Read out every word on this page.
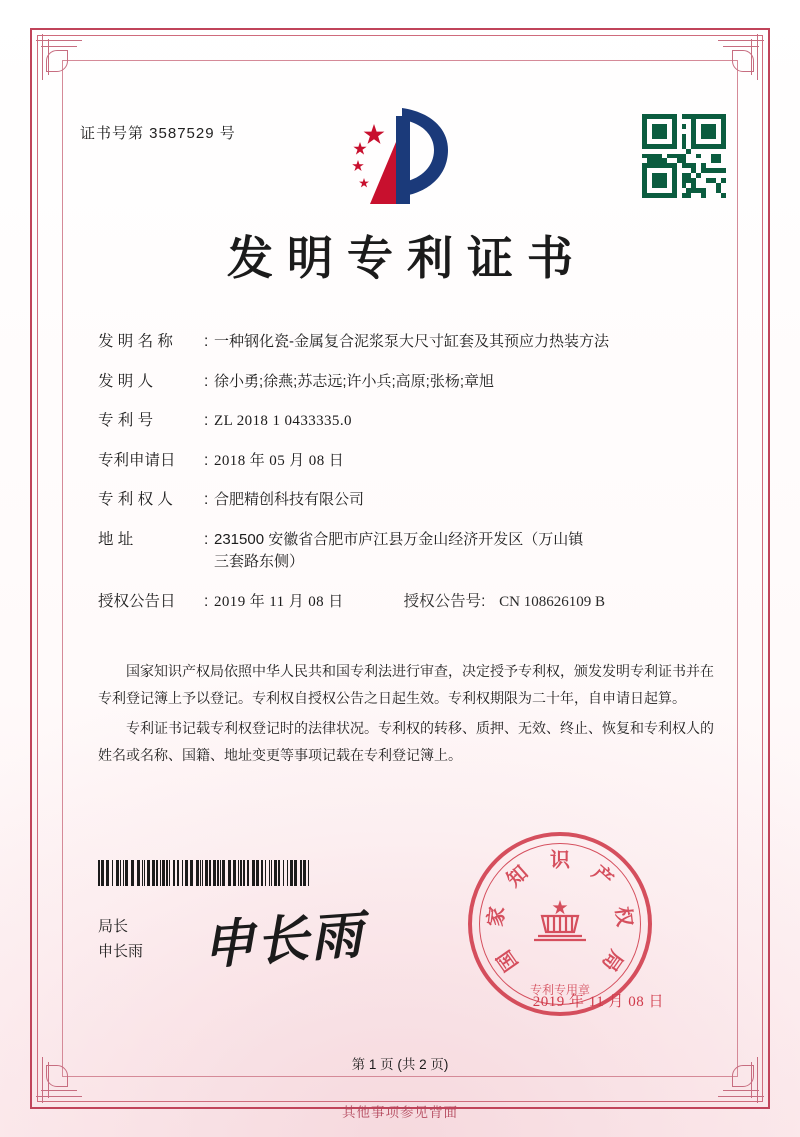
证书号第 3587529 号
发明专利证书
发 明 名 称 : 一种钢化瓷-金属复合泥浆泵大尺寸缸套及其预应力热装方法
发 明 人	: 徐小勇;徐燕;苏志远;许小兵;高原;张杨;章旭
专 利 号	: ZL 2018 1 0433335.0
专利申请日 : 2018 年 05 月 08 日
专 利 权 人 : 合肥精创科技有限公司
地 址	: 231500 安徽省合肥市庐江县万金山经济开发区（万山镇
三套路东侧）
授权公告日 : 2019 年 11 月 08 日	授权公告号 : CN 108626109 B

国家知识产权局依照中华人民共和国专利法进行审查，决定授予专利权，颁发发明专利证书并在专利登记簿上予以登记。专利权自授权公告之日起生效。专利权期限为二十年，自申请日起算。

专利证书记载专利权登记时的法律状况。专利权的转移、质押、无效、终止、恢复和专利权人的姓名或名称、国籍、地址变更等事项记载在专利登记簿上。

局长
申长雨 申长雨	国
家
知
识
产
权
局
专利专用章
2019 年 11 月 08 日
第 1 页 (共 2 页)
其他事项参见背面
